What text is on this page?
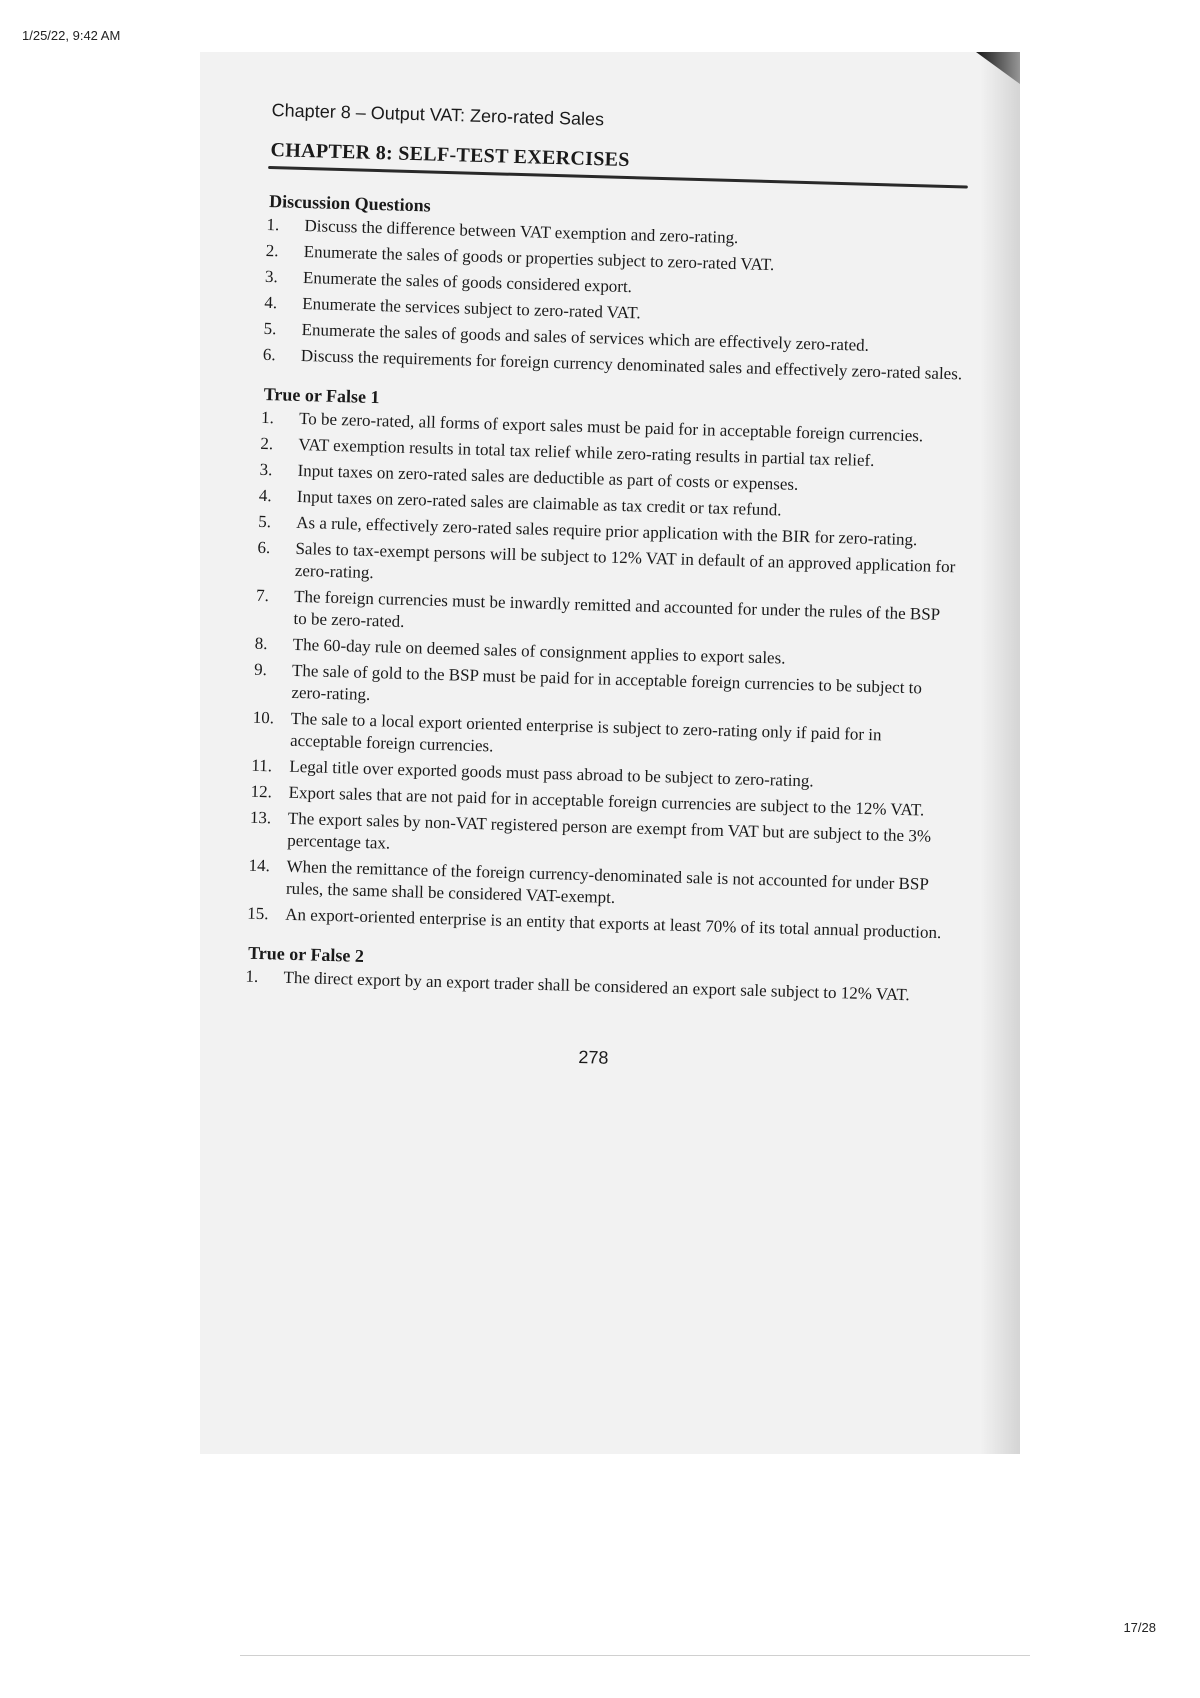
1/25/22, 9:42 AM
Chapter 8 – Output VAT: Zero-rated Sales
CHAPTER 8: SELF-TEST EXERCISES
Discussion Questions
1.	Discuss the difference between VAT exemption and zero-rating.
2.	Enumerate the sales of goods or properties subject to zero-rated VAT.
3.	Enumerate the sales of goods considered export.
4.	Enumerate the services subject to zero-rated VAT.
5.	Enumerate the sales of goods and sales of services which are effectively zero-rated.
6.	Discuss the requirements for foreign currency denominated sales and effectively zero-rated sales.
True or False 1
1.	To be zero-rated, all forms of export sales must be paid for in acceptable foreign currencies.
2.	VAT exemption results in total tax relief while zero-rating results in partial tax relief.
3.	Input taxes on zero-rated sales are deductible as part of costs or expenses.
4.	Input taxes on zero-rated sales are claimable as tax credit or tax refund.
5.	As a rule, effectively zero-rated sales require prior application with the BIR for zero-rating.
6.	Sales to tax-exempt persons will be subject to 12% VAT in default of an approved application for zero-rating.
7.	The foreign currencies must be inwardly remitted and accounted for under the rules of the BSP to be zero-rated.
8.	The 60-day rule on deemed sales of consignment applies to export sales.
9.	The sale of gold to the BSP must be paid for in acceptable foreign currencies to be subject to zero-rating.
10. The sale to a local export oriented enterprise is subject to zero-rating only if paid for in acceptable foreign currencies.
11. Legal title over exported goods must pass abroad to be subject to zero-rating.
12. Export sales that are not paid for in acceptable foreign currencies are subject to the 12% VAT.
13. The export sales by non-VAT registered person are exempt from VAT but are subject to the 3% percentage tax.
14. When the remittance of the foreign currency-denominated sale is not accounted for under BSP rules, the same shall be considered VAT-exempt.
15. An export-oriented enterprise is an entity that exports at least 70% of its total annual production.
True or False 2
1.	The direct export by an export trader shall be considered an export sale subject to 12% VAT.
278
17/28
